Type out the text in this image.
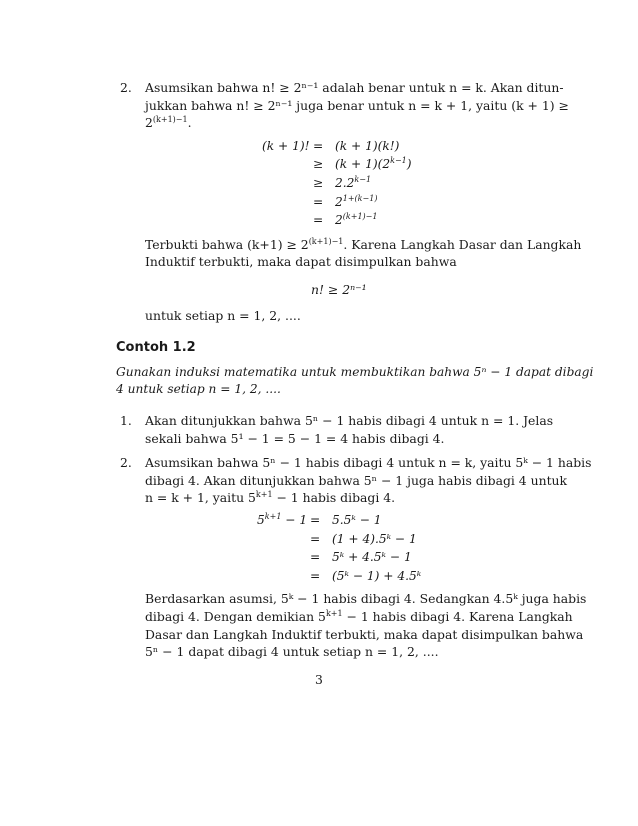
2. Asumsikan bahwa n! ≥ 2ⁿ⁻¹ adalah benar untuk n = k. Akan ditun-
jukkan bahwa n! ≥ 2ⁿ⁻¹ juga benar untuk n = k + 1, yaitu (k + 1) ≥
$2^{(k+1)-1}$.
(k + 1)! = (k + 1)(k!)
≥ $(k + 1)(2^{k-1})$
≥ $2.2^{k-1}$
= $2^{1+(k-1)}$
= $2^{(k+1)-1}$
Terbukti bahwa $(k+1) \ge 2^{(k+1)-1}$. Karena Langkah Dasar dan Langkah
Induktif terbukti, maka dapat disimpulkan bahwa
n! ≥ 2ⁿ⁻¹
untuk setiap n = 1, 2, ....
Contoh 1.2
Gunakan induksi matematika untuk membuktikan bahwa 5ⁿ − 1 dapat dibagi
4 untuk setiap n = 1, 2, ....
1. Akan ditunjukkan bahwa 5ⁿ − 1 habis dibagi 4 untuk n = 1. Jelas
sekali bahwa 5¹ − 1 = 5 − 1 = 4 habis dibagi 4.
2. Asumsikan bahwa 5ⁿ − 1 habis dibagi 4 untuk n = k, yaitu 5ᵏ − 1 habis
dibagi 4. Akan ditunjukkan bahwa 5ⁿ − 1 juga habis dibagi 4 untuk
n = k + 1, yaitu $5^{k+1} - 1$ habis dibagi 4.
$5^{k+1} - 1$ = 5.5ᵏ − 1
= (1 + 4).5ᵏ − 1
= 5ᵏ + 4.5ᵏ − 1
= (5ᵏ − 1) + 4.5ᵏ
Berdasarkan asumsi, 5ᵏ − 1 habis dibagi 4. Sedangkan 4.5ᵏ juga habis
dibagi 4. Dengan demikian $5^{k+1} - 1$ habis dibagi 4. Karena Langkah
Dasar dan Langkah Induktif terbukti, maka dapat disimpulkan bahwa
5ⁿ − 1 dapat dibagi 4 untuk setiap n = 1, 2, ....
3
